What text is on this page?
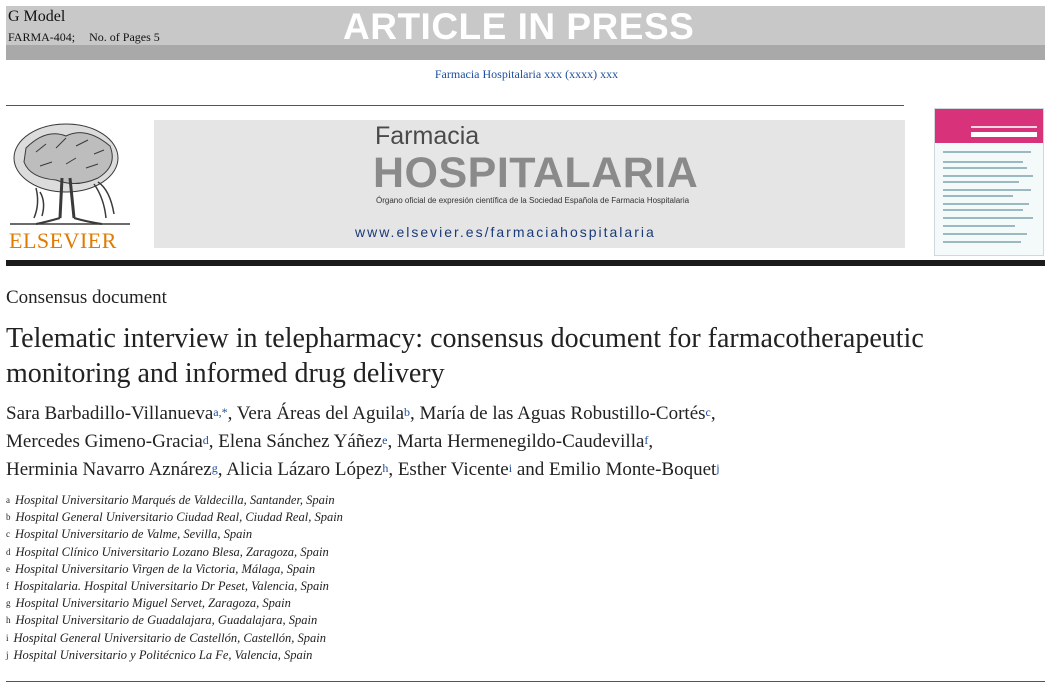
G Model
FARMA-404; No. of Pages 5	ARTICLE IN PRESS
Farmacia Hospitalaria xxx (xxxx) xxx
ELSEVIER
Farmacia
HOSPITALARIA
Órgano oficial de expresión científica de la Sociedad Española de Farmacia Hospitalaria
www.elsevier.es/farmaciahospitalaria
Consensus document
Telematic interview in telepharmacy: consensus document for farmacotherapeutic monitoring and informed drug delivery
Sara Barbadillo-Villanueva$^{a,*}$, Vera Áreas del Aguila$^b$, María de las Aguas Robustillo-Cortés$^c$,
Mercedes Gimeno-Gracia$^d$, Elena Sánchez Yáñez$^e$, Marta Hermenegildo-Caudevilla$^f$,
Herminia Navarro Aznárez$^g$, Alicia Lázaro López$^h$, Esther Vicente$^i$ and Emilio Monte-Boquet$^j$
$^a$ Hospital Universitario Marqués de Valdecilla, Santander, Spain
$^b$ Hospital General Universitario Ciudad Real, Ciudad Real, Spain
$^c$ Hospital Universitario de Valme, Sevilla, Spain
$^d$ Hospital Clínico Universitario Lozano Blesa, Zaragoza, Spain
$^e$ Hospital Universitario Virgen de la Victoria, Málaga, Spain
$^f$ Hospitalaria. Hospital Universitario Dr Peset, Valencia, Spain
$^g$ Hospital Universitario Miguel Servet, Zaragoza, Spain
$^h$ Hospital Universitario de Guadalajara, Guadalajara, Spain
$^i$ Hospital General Universitario de Castellón, Castellón, Spain
$^j$ Hospital Universitario y Politécnico La Fe, Valencia, Spain
